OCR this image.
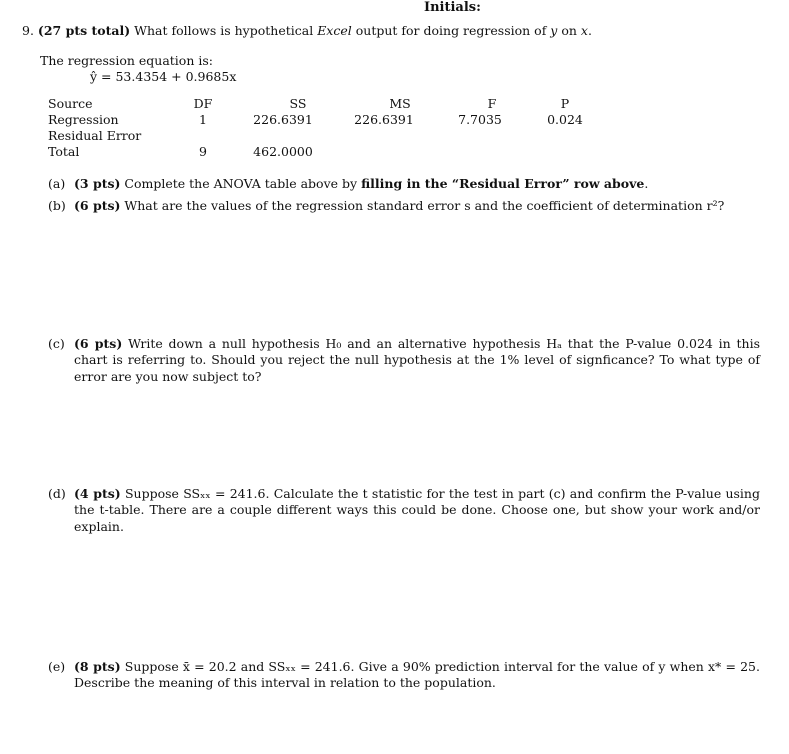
Initials:
9. (27 pts total) What follows is hypothetical Excel output for doing regression of y on x.
The regression equation is:
ŷ = 53.4354 + 0.9685x
Source	DF	SS	MS	F	P
Regression	1	226.6391	226.6391	7.7035	0.024
Residual Error
Total	9	462.0000
(a) (3 pts) Complete the ANOVA table above by filling in the “Residual Error” row above.
(b) (6 pts) What are the values of the regression standard error s and the coefficient of determination r²?
(c) (6 pts) Write down a null hypothesis H₀ and an alternative hypothesis Hₐ that the P-value 0.024 in this chart is referring to. Should you reject the null hypothesis at the 1% level of signficance? To what type of error are you now subject to?
(d) (4 pts) Suppose SSₓₓ = 241.6. Calculate the t statistic for the test in part (c) and confirm the P-value using the t-table. There are a couple different ways this could be done. Choose one, but show your work and/or explain.
(e) (8 pts) Suppose x̄ = 20.2 and SSₓₓ = 241.6. Give a 90% prediction interval for the value of y when x* = 25. Describe the meaning of this interval in relation to the population.
